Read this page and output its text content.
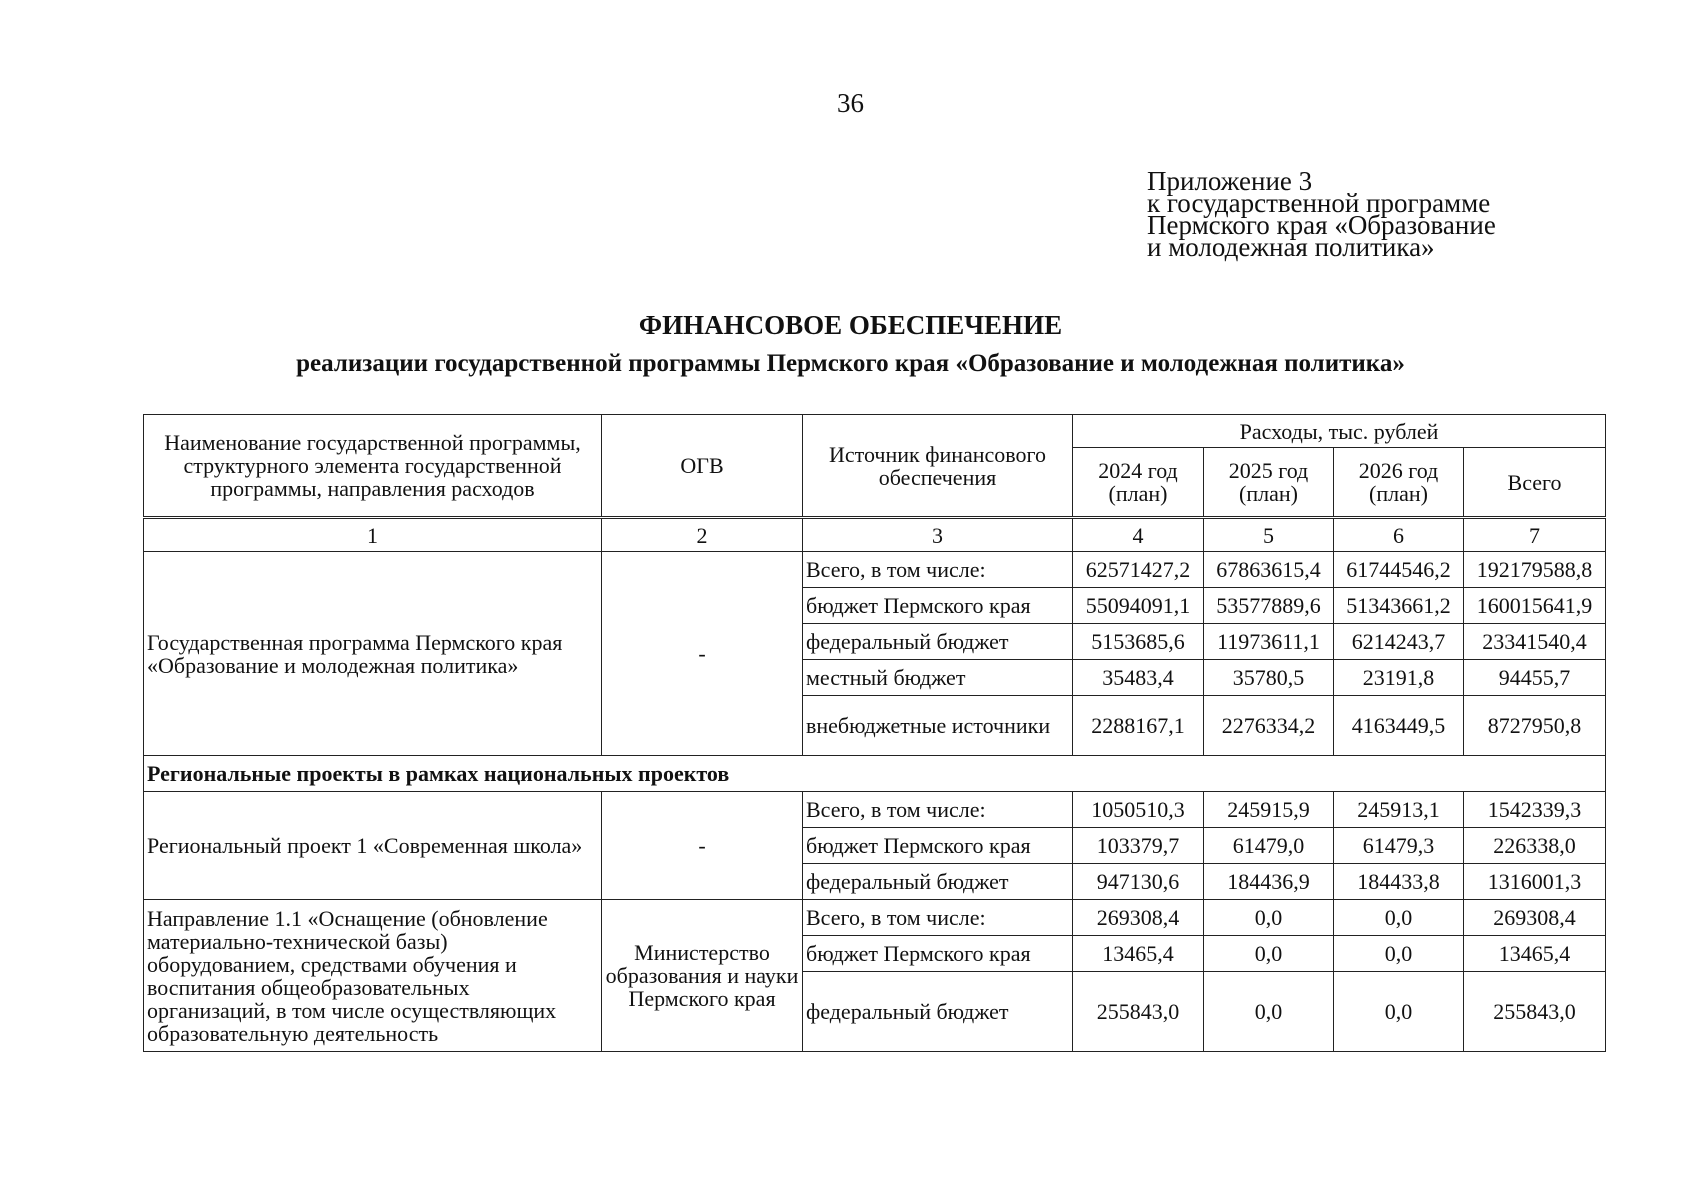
36
Приложение 3
к государственной программе
Пермского края «Образование
и молодежная политика»
ФИНАНСОВОЕ ОБЕСПЕЧЕНИЕ
реализации государственной программы Пермского края «Образование и молодежная политика»
Наименование государственной программы, структурного элемента государственной программы, направления расходов	ОГВ	Источник финансового обеспечения	Расходы, тыс. рублей			
			2024 год (план)	2025 год (план)	2026 год (план)	Всего
1	2	3	4	5	6	7
Государственная программа Пермского края «Образование и молодежная политика»	-	Всего, в том числе:	62571427,2	67863615,4	61744546,2	192179588,8
		бюджет Пермского края	55094091,1	53577889,6	51343661,2	160015641,9
		федеральный бюджет	5153685,6	11973611,1	6214243,7	23341540,4
		местный бюджет	35483,4	35780,5	23191,8	94455,7
		внебюджетные источники	2288167,1	2276334,2	4163449,5	8727950,8
Региональные проекты в рамках национальных проектов						
Региональный проект 1 «Современная школа»	-	Всего, в том числе:	1050510,3	245915,9	245913,1	1542339,3
		бюджет Пермского края	103379,7	61479,0	61479,3	226338,0
		федеральный бюджет	947130,6	184436,9	184433,8	1316001,3
Направление 1.1 «Оснащение (обновление материально-технической базы) оборудованием, средствами обучения и воспитания общеобразовательных организаций, в том числе осуществляющих образовательную деятельность	Министерство образования и науки Пермского края	Всего, в том числе:	269308,4	0,0	0,0	269308,4
		бюджет Пермского края	13465,4	0,0	0,0	13465,4
		федеральный бюджет	255843,0	0,0	0,0	255843,0
